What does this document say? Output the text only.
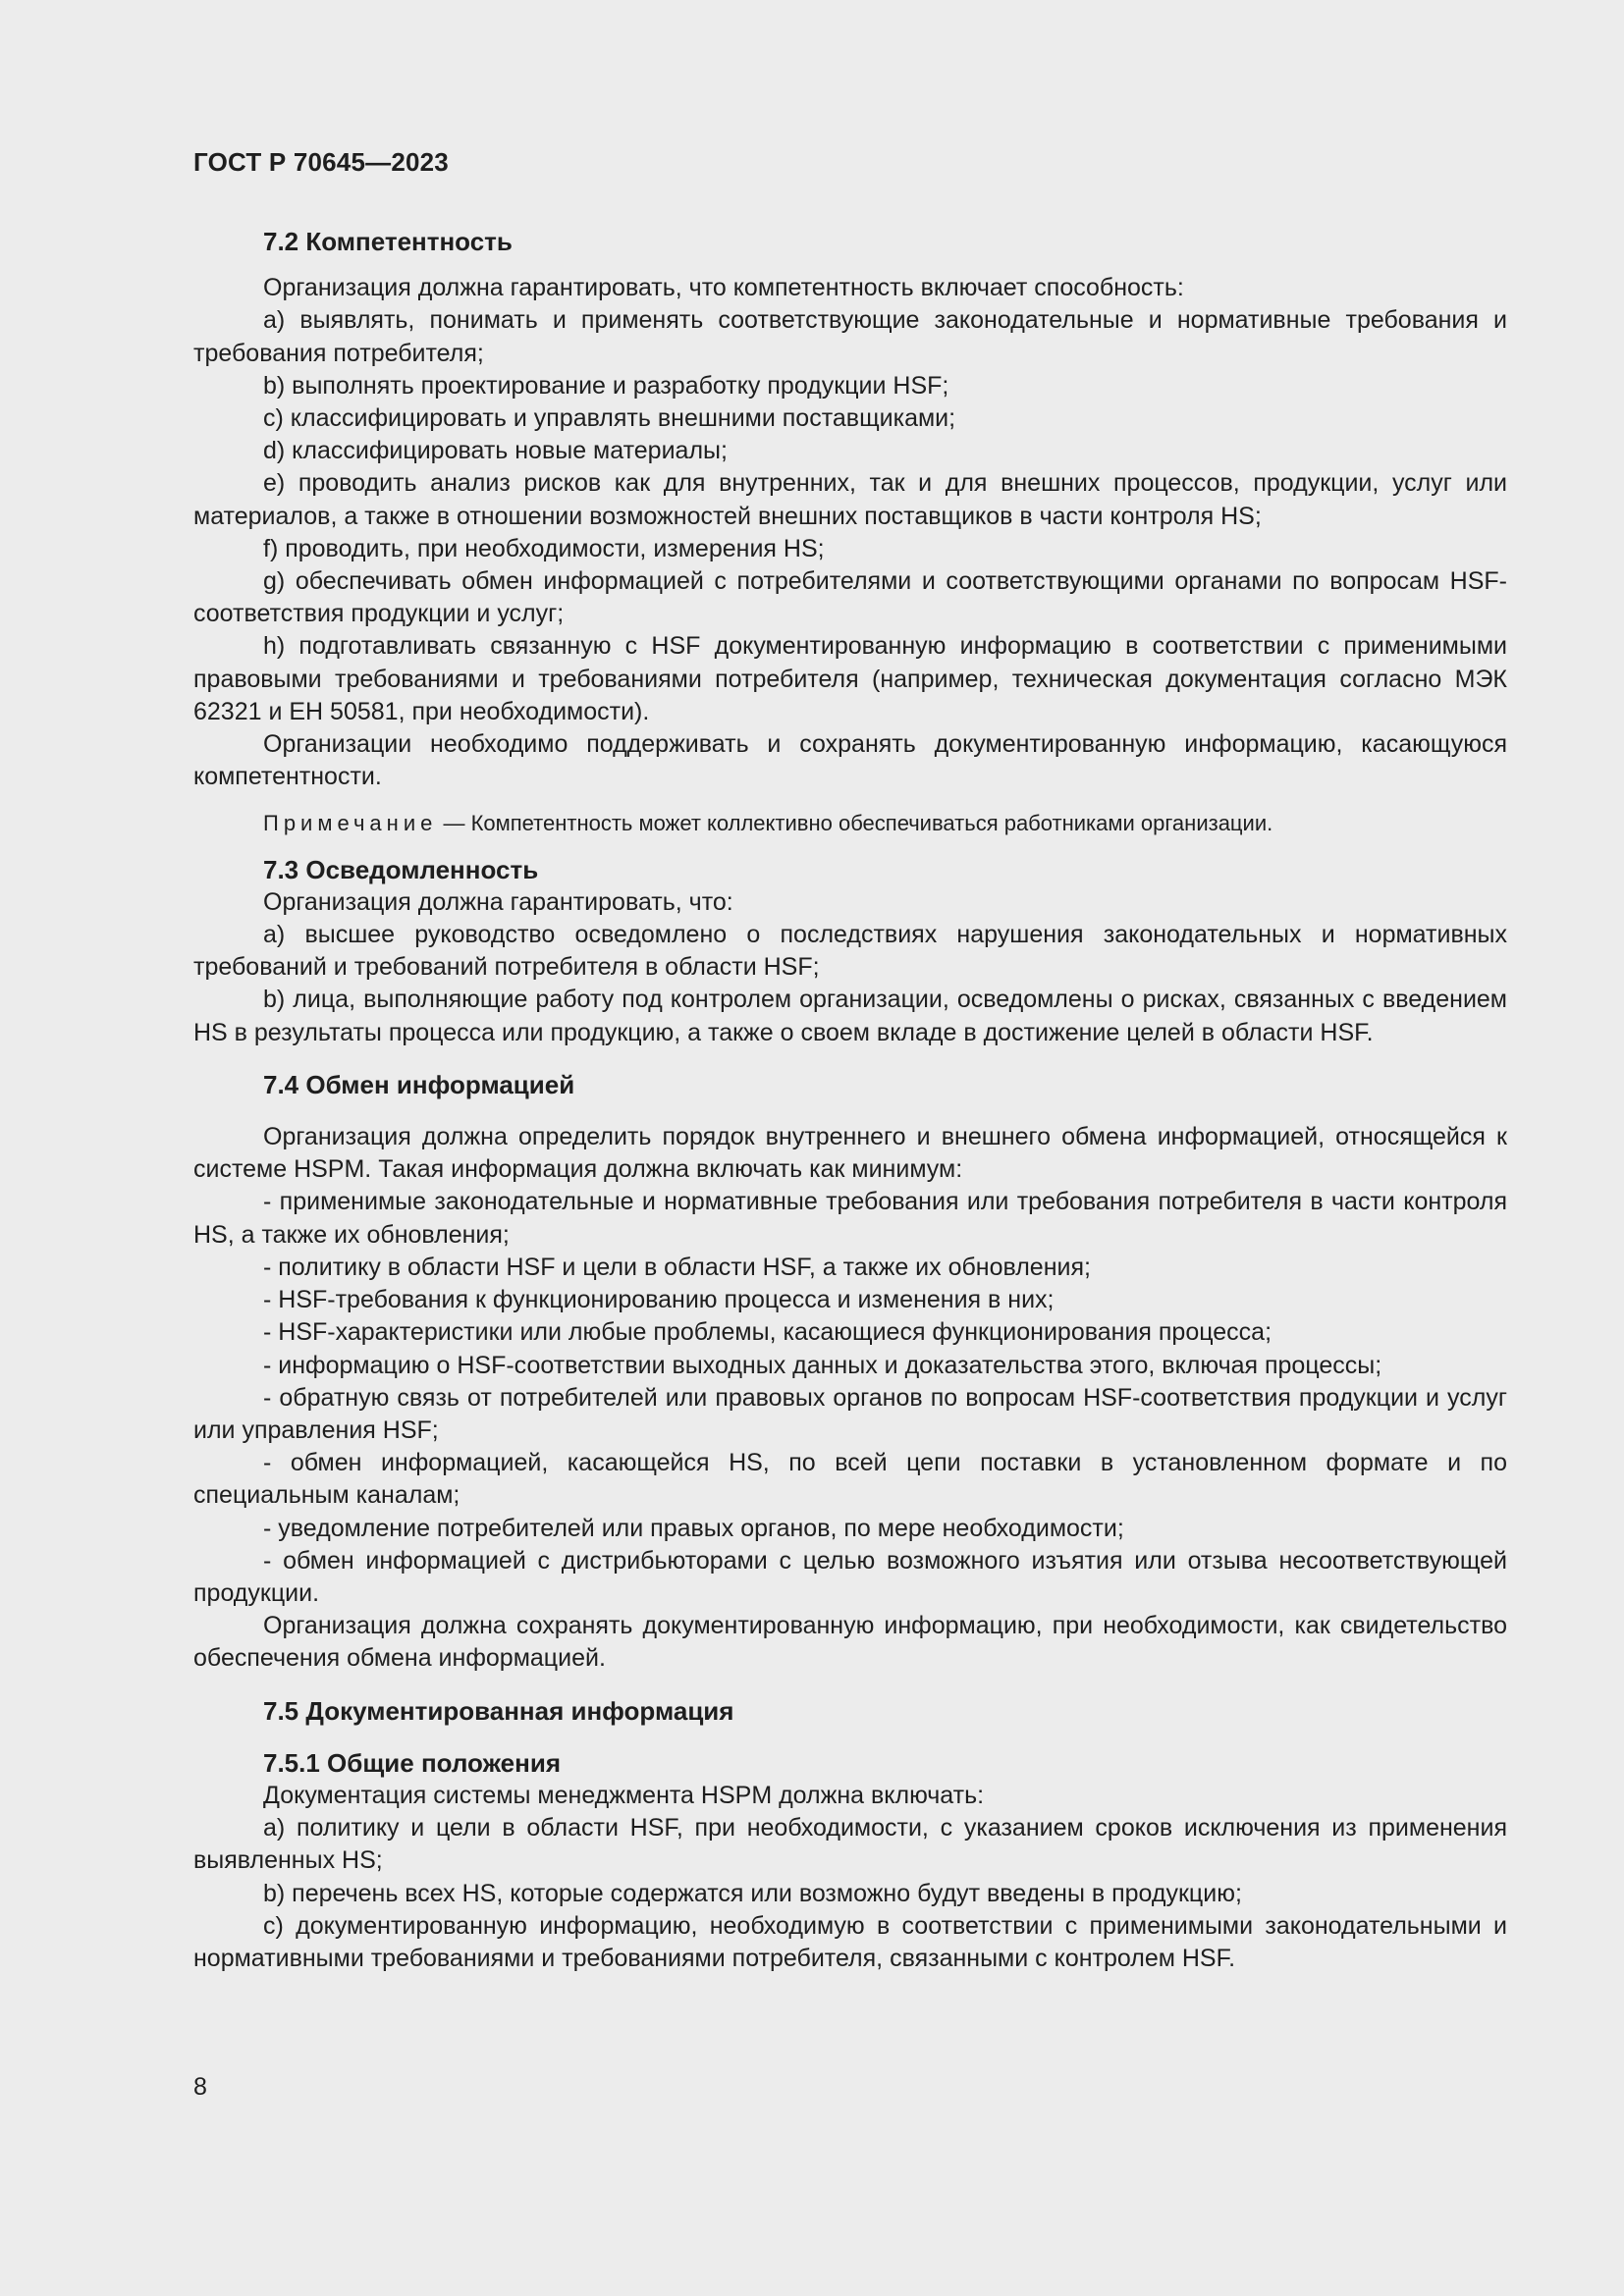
ГОСТ Р 70645—2023

7.2 Компетентность

Организация должна гарантировать, что компетентность включает способность:

a) выявлять, понимать и применять соответствующие законодательные и нормативные требования и требования потребителя;

b) выполнять проектирование и разработку продукции HSF;

c) классифицировать и управлять внешними поставщиками;

d) классифицировать новые материалы;

e) проводить анализ рисков как для внутренних, так и для внешних процессов, продукции, услуг или материалов, а также в отношении возможностей внешних поставщиков в части контроля HS;

f) проводить, при необходимости, измерения HS;

g) обеспечивать обмен информацией с потребителями и соответствующими органами по вопросам HSF-соответствия продукции и услуг;

h) подготавливать связанную с HSF документированную информацию в соответствии с применимыми правовыми требованиями и требованиями потребителя (например, техническая документация согласно МЭК 62321 и ЕН 50581, при необходимости).

Организации необходимо поддерживать и сохранять документированную информацию, касающуюся компетентности.

Примечание — Компетентность может коллективно обеспечиваться работниками организации.

7.3 Осведомленность

Организация должна гарантировать, что:

a) высшее руководство осведомлено о последствиях нарушения законодательных и нормативных требований и требований потребителя в области HSF;

b) лица, выполняющие работу под контролем организации, осведомлены о рисках, связанных с введением HS в результаты процесса или продукцию, а также о своем вкладе в достижение целей в области HSF.

7.4 Обмен информацией

Организация должна определить порядок внутреннего и внешнего обмена информацией, относящейся к системе HSPM. Такая информация должна включать как минимум:

- применимые законодательные и нормативные требования или требования потребителя в части контроля HS, а также их обновления;

- политику в области HSF и цели в области HSF, а также их обновления;

- HSF-требования к функционированию процесса и изменения в них;

- HSF-характеристики или любые проблемы, касающиеся функционирования процесса;

- информацию о HSF-соответствии выходных данных и доказательства этого, включая процессы;

- обратную связь от потребителей или правовых органов по вопросам HSF-соответствия продукции и услуг или управления HSF;

- обмен информацией, касающейся HS, по всей цепи поставки в установленном формате и по специальным каналам;

- уведомление потребителей или правых органов, по мере необходимости;

- обмен информацией с дистрибьюторами с целью возможного изъятия или отзыва несоответствующей продукции.

Организация должна сохранять документированную информацию, при необходимости, как свидетельство обеспечения обмена информацией.

7.5 Документированная информация

7.5.1 Общие положения

Документация системы менеджмента HSPM должна включать:

a) политику и цели в области HSF, при необходимости, с указанием сроков исключения из применения выявленных HS;

b) перечень всех HS, которые содержатся или возможно будут введены в продукцию;

c) документированную информацию, необходимую в соответствии с применимыми законодательными и нормативными требованиями и требованиями потребителя, связанными с контролем HSF.

8
